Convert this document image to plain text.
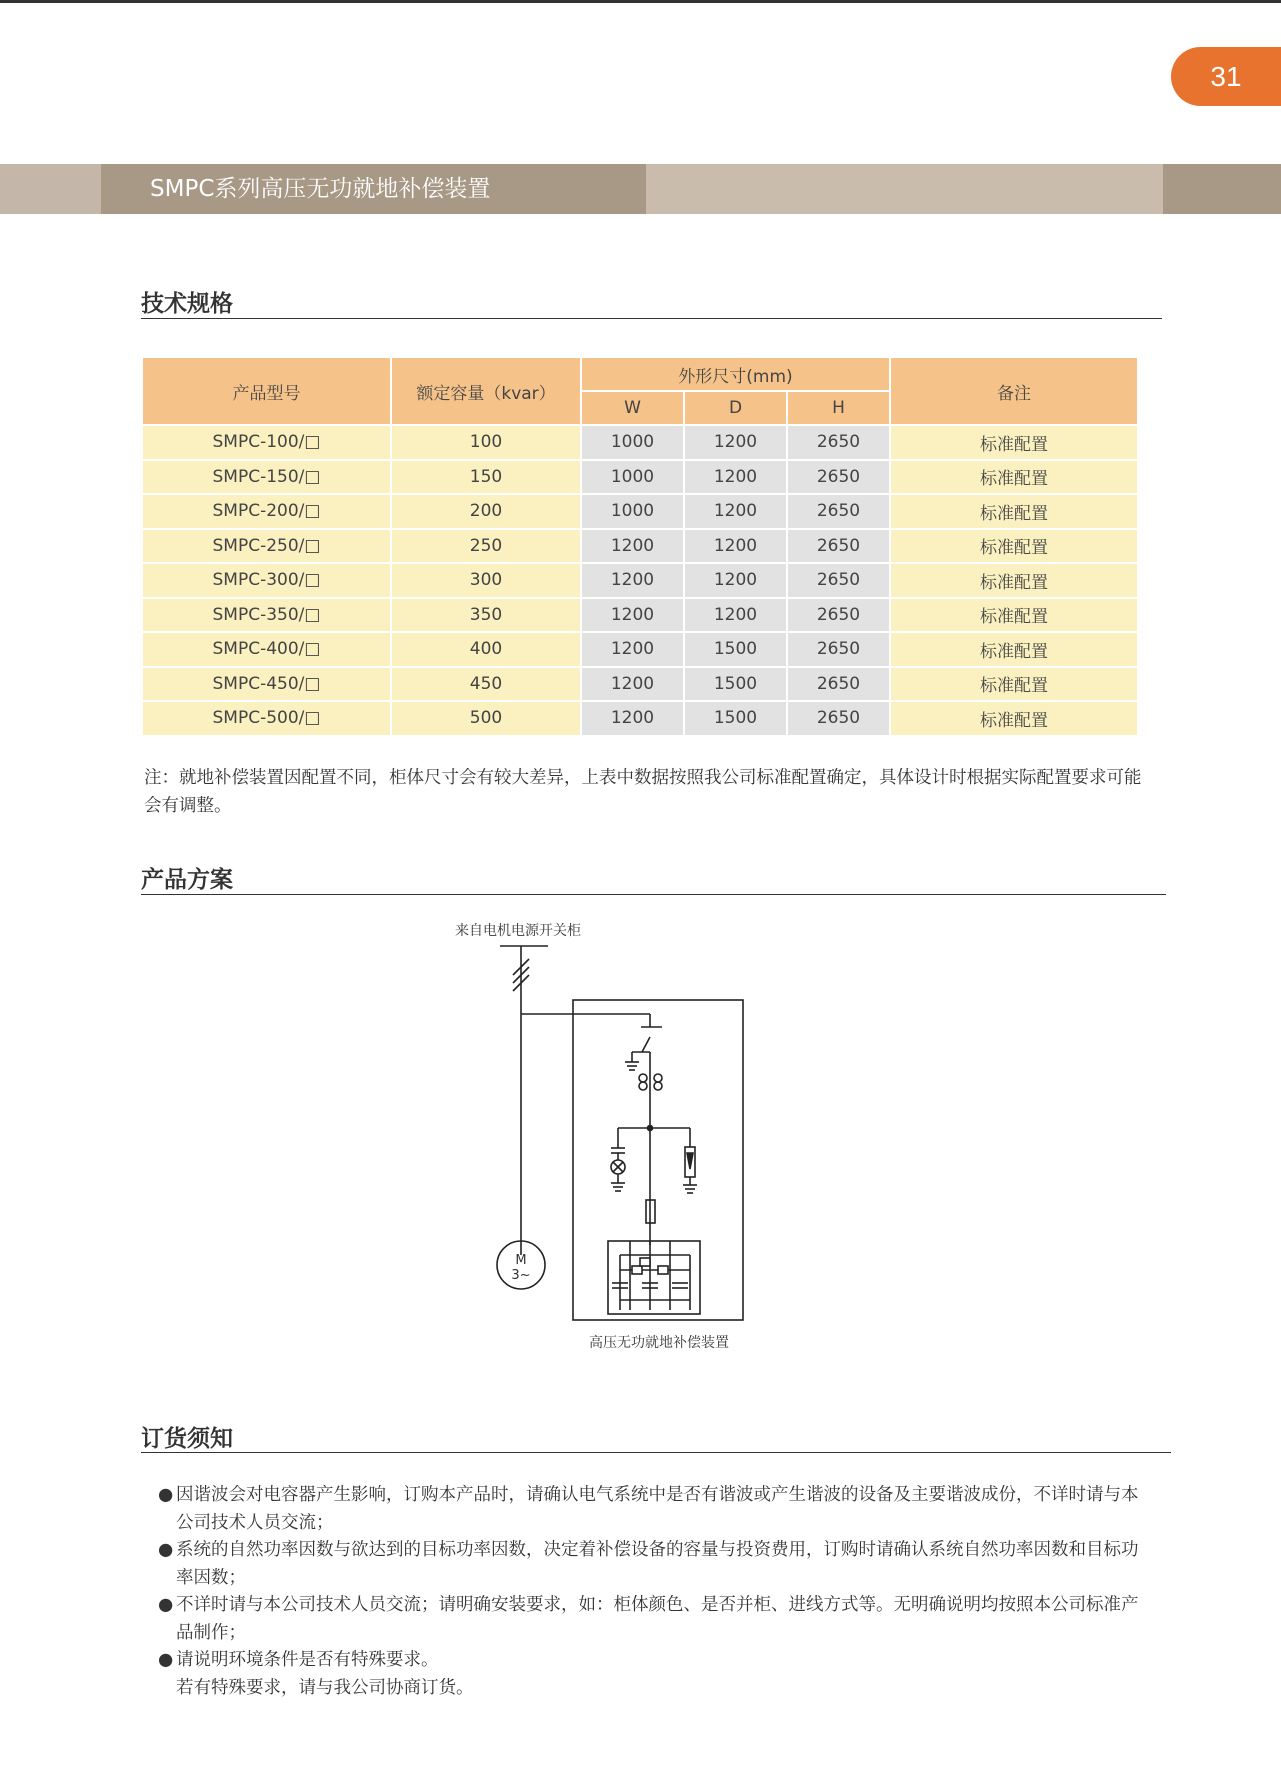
31
SMPC系列高压无功就地补偿装置
技术规格
产品型号	额定容量（kvar）	外形尺寸(mm)			备注
		W	D	H	
SMPC-100/□	100	1000	1200	2650	标准配置
SMPC-150/□	150	1000	1200	2650	标准配置
SMPC-200/□	200	1000	1200	2650	标准配置
SMPC-250/□	250	1200	1200	2650	标准配置
SMPC-300/□	300	1200	1200	2650	标准配置
SMPC-350/□	350	1200	1200	2650	标准配置
SMPC-400/□	400	1200	1500	2650	标准配置
SMPC-450/□	450	1200	1500	2650	标准配置
SMPC-500/□	500	1200	1500	2650	标准配置
注：就地补偿装置因配置不同，柜体尺寸会有较大差异，上表中数据按照我公司标准配置确定，具体设计时根据实际配置要求可能会有调整。
产品方案
来自电机电源开关柜
M
3~
高压无功就地补偿装置
订货须知
● 因谐波会对电容器产生影响，订购本产品时，请确认电气系统中是否有谐波或产生谐波的设备及主要谐波成份，不详时请与本公司技术人员交流；
● 系统的自然功率因数与欲达到的目标功率因数，决定着补偿设备的容量与投资费用，订购时请确认系统自然功率因数和目标功率因数；
● 不详时请与本公司技术人员交流；请明确安装要求，如：柜体颜色、是否并柜、进线方式等。无明确说明均按照本公司标准产品制作；
● 请说明环境条件是否有特殊要求。
若有特殊要求，请与我公司协商订货。
